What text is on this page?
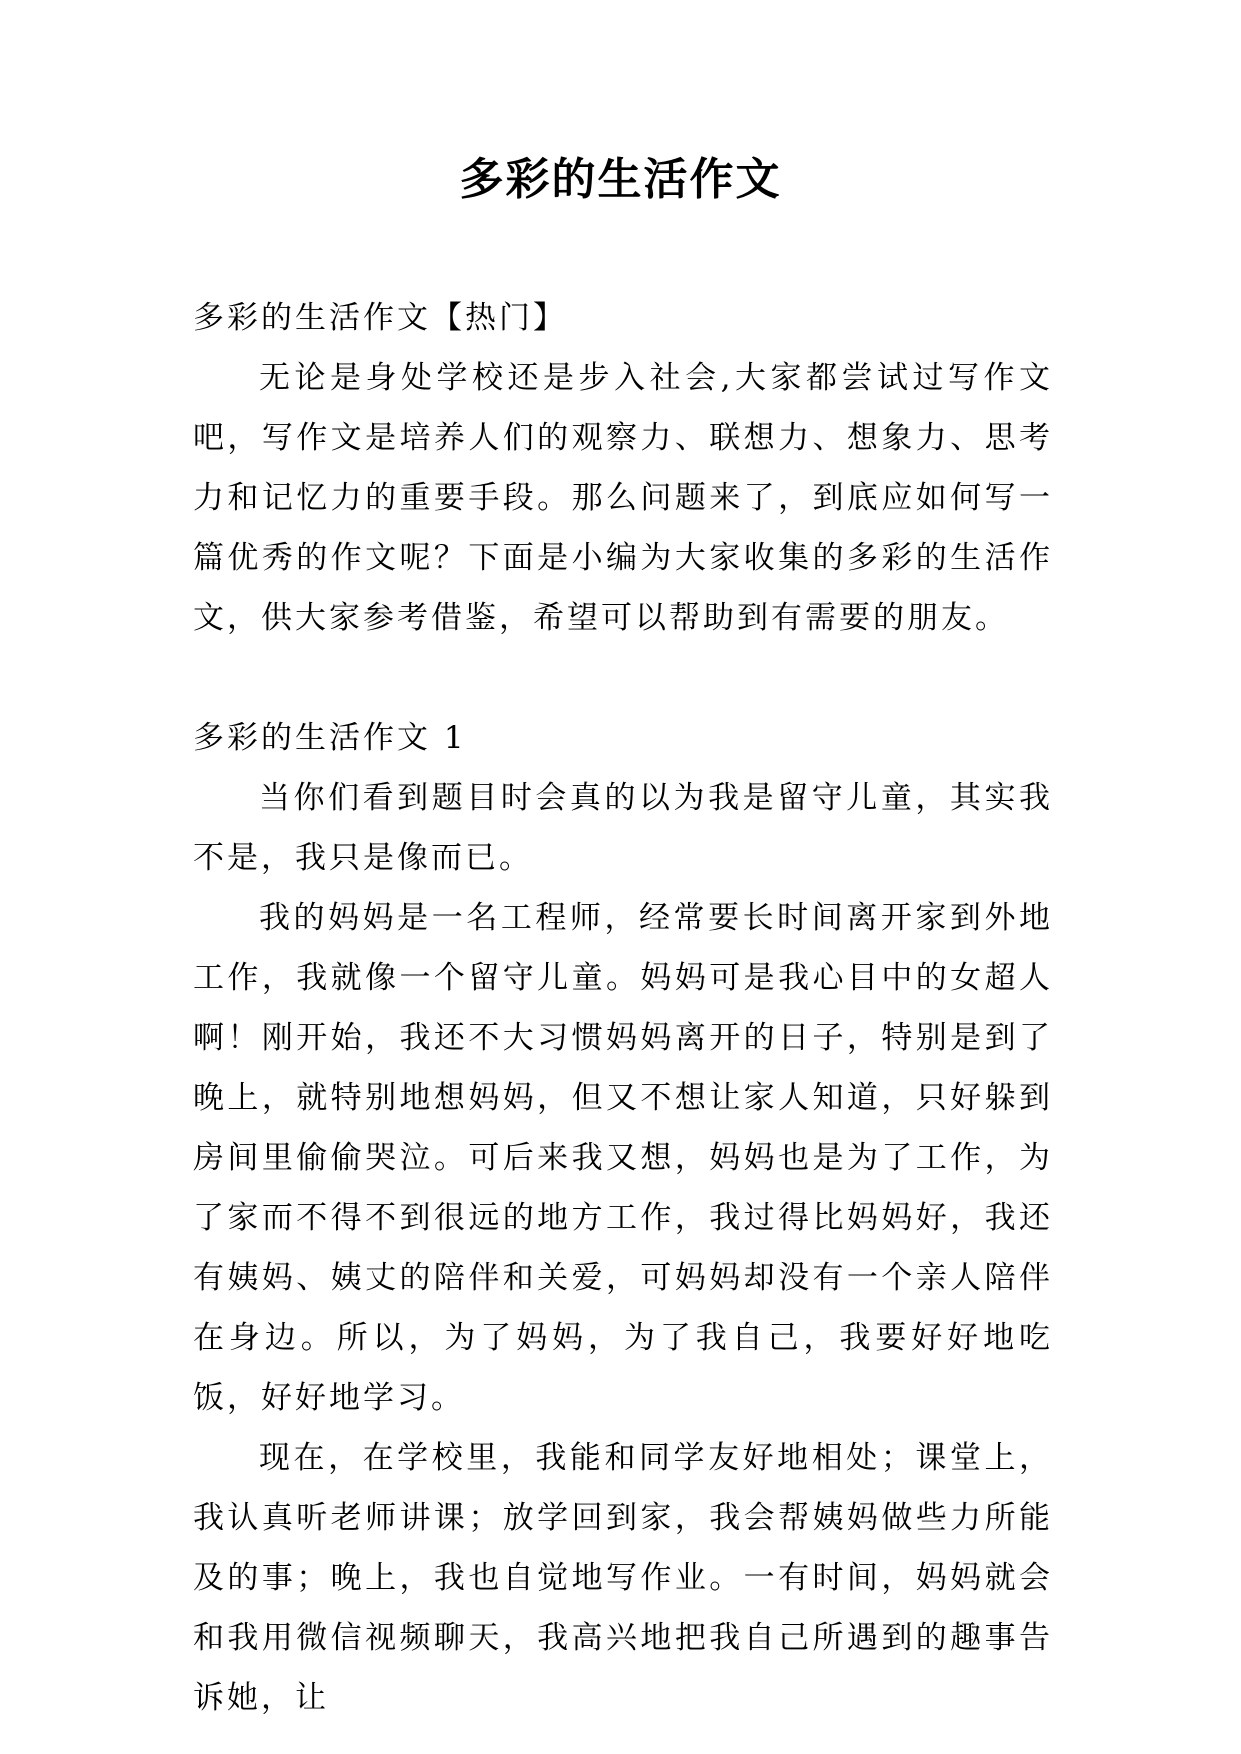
多彩的生活作文

多彩的生活作文【热门】

无论是身处学校还是步入社会,大家都尝试过写作文吧，写作文是培养人们的观察力、联想力、想象力、思考力和记忆力的重要手段。那么问题来了，到底应如何写一篇优秀的作文呢？下面是小编为大家收集的多彩的生活作文，供大家参考借鉴，希望可以帮助到有需要的朋友。

多彩的生活作文 1

当你们看到题目时会真的以为我是留守儿童，其实我不是，我只是像而已。

我的妈妈是一名工程师，经常要长时间离开家到外地工作，我就像一个留守儿童。妈妈可是我心目中的女超人啊！刚开始，我还不大习惯妈妈离开的日子，特别是到了晚上，就特别地想妈妈，但又不想让家人知道，只好躲到房间里偷偷哭泣。可后来我又想，妈妈也是为了工作，为了家而不得不到很远的地方工作，我过得比妈妈好，我还有姨妈、姨丈的陪伴和关爱，可妈妈却没有一个亲人陪伴在身边。所以，为了妈妈，为了我自己，我要好好地吃饭，好好地学习。

现在，在学校里，我能和同学友好地相处；课堂上，我认真听老师讲课；放学回到家，我会帮姨妈做些力所能及的事；晚上，我也自觉地写作业。一有时间，妈妈就会和我用微信视频聊天，我高兴地把我自己所遇到的趣事告诉她，让
